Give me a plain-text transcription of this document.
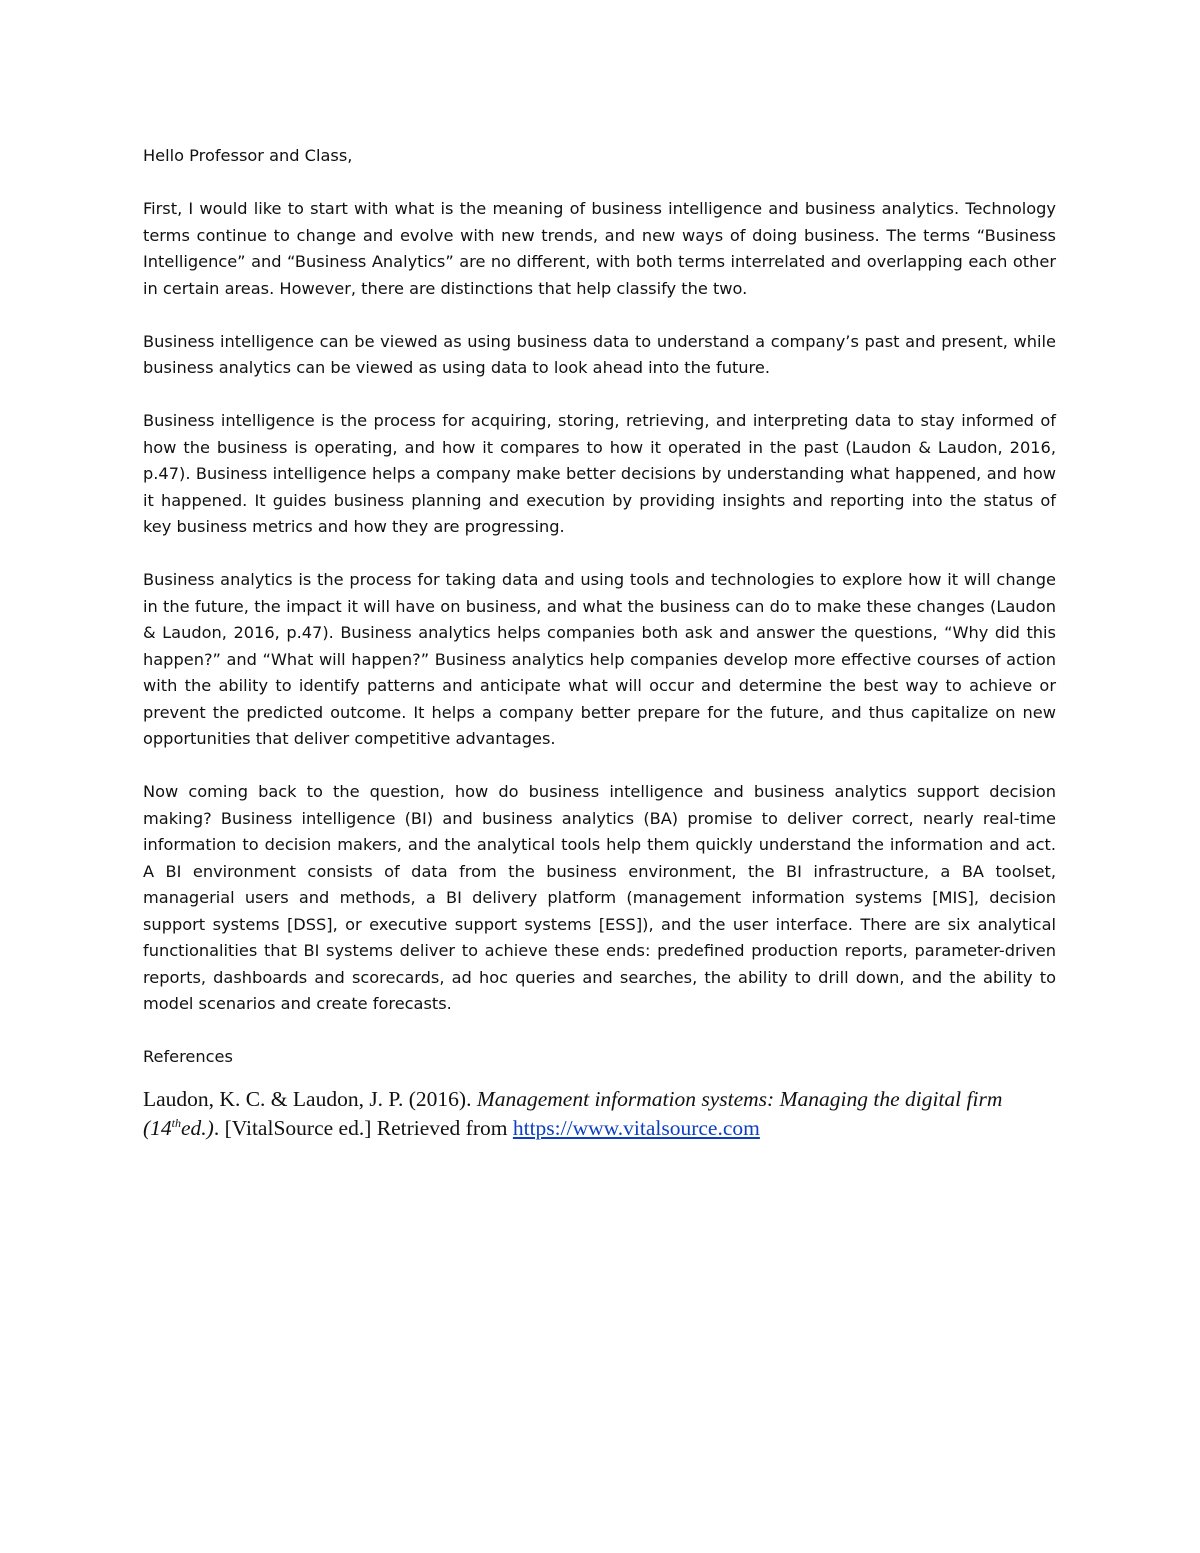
Hello Professor and Class,

First, I would like to start with what is the meaning of business intelligence and business analytics. Technology terms continue to change and evolve with new trends, and new ways of doing business. The terms “Business Intelligence” and “Business Analytics” are no different, with both terms interrelated and overlapping each other in certain areas. However, there are distinctions that help classify the two.

Business intelligence can be viewed as using business data to understand a company’s past and present, while business analytics can be viewed as using data to look ahead into the future.

Business intelligence is the process for acquiring, storing, retrieving, and interpreting data to stay informed of how the business is operating, and how it compares to how it operated in the past (Laudon & Laudon, 2016, p.47). Business intelligence helps a company make better decisions by understanding what happened, and how it happened. It guides business planning and execution by providing insights and reporting into the status of key business metrics and how they are progressing.

Business analytics is the process for taking data and using tools and technologies to explore how it will change in the future, the impact it will have on business, and what the business can do to make these changes (Laudon & Laudon, 2016, p.47). Business analytics helps companies both ask and answer the questions, “Why did this happen?” and “What will happen?” Business analytics help companies develop more effective courses of action with the ability to identify patterns and anticipate what will occur and determine the best way to achieve or prevent the predicted outcome. It helps a company better prepare for the future, and thus capitalize on new opportunities that deliver competitive advantages.

Now coming back to the question, how do business intelligence and business analytics support decision making? Business intelligence (BI) and business analytics (BA) promise to deliver correct, nearly real-time information to decision makers, and the analytical tools help them quickly understand the information and act. A BI environment consists of data from the business environment, the BI infrastructure, a BA toolset, managerial users and methods, a BI delivery platform (management information systems [MIS], decision support systems [DSS], or executive support systems [ESS]), and the user interface. There are six analytical functionalities that BI systems deliver to achieve these ends: predefined production reports, parameter-driven reports, dashboards and scorecards, ad hoc queries and searches, the ability to drill down, and the ability to model scenarios and create forecasts.

References

Laudon, K. C. & Laudon, J. P. (2016). Management information systems: Managing the digital firm (14thed.). [VitalSource ed.] Retrieved from https://www.vitalsource.com
